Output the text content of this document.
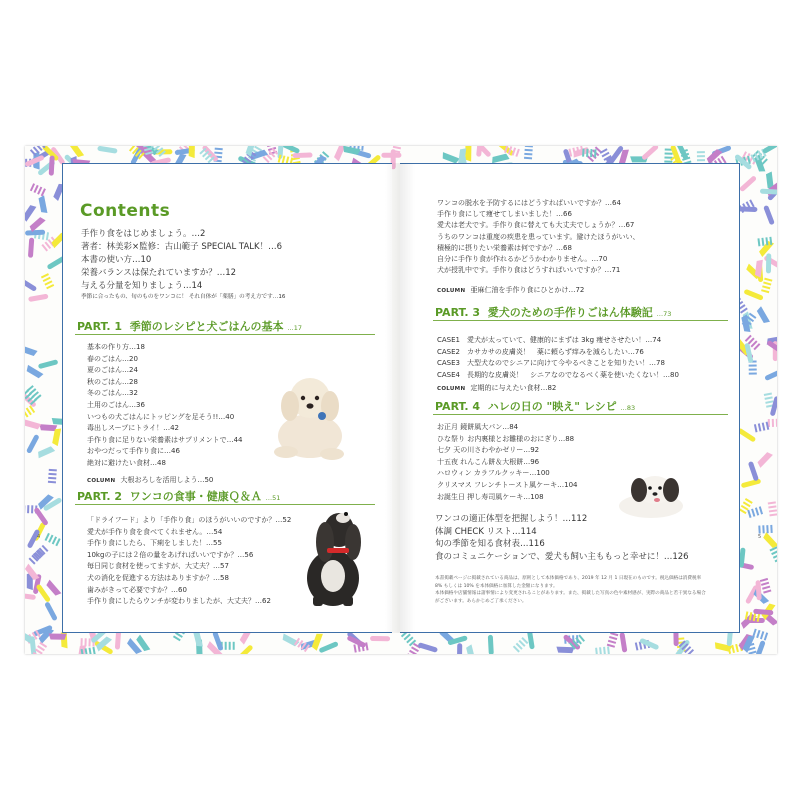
Contents
手作り食をはじめましょう。…2
著者：林美彩×監修：古山範子 SPECIAL TALK！…6
本書の使い方…10
栄養バランスは保たれていますか？…12
与える分量を知りましょう…14
季節に合ったもの、旬のものをワンコに！ それ自体が「薬膳」の考え方です…16
PART. 1 季節のレシピと犬ごはんの基本 …17
基本の作り方…18
春のごはん…20
夏のごはん…24
秋のごはん…28
冬のごはん…32
土用のごはん…36
いつもの犬ごはんにトッピングを足そう!!…40
毒出しスープにトライ！…42
手作り食に足りない栄養素はサプリメントで…44
おやつだって手作り食に…46
絶対に避けたい食材…48
COLUMN 大根おろしを活用しよう…50
PART. 2 ワンコの食事・健康Ｑ＆Ａ …51
「ドライフード」より「手作り食」のほうがいいのですか？…52
愛犬が手作り食を食べてくれません。…54
手作り食にしたら、下痢をしました！…55
10kgの子には２倍の量をあげればいいですか？…56
毎日同じ食材を使ってますが、大丈夫？…57
犬の消化を促進する方法はありますか？…58
歯みがきって必要ですか？…60
手作り食にしたらウンチが変わりましたが、大丈夫？…62
ワンコの脱水を予防するにはどうすればいいですか？…64
手作り食にして痩せてしまいました！…66
愛犬は老犬です。手作り食に替えても大丈夫でしょうか？…67
うちのワンコは重度の疾患を患っています。避けたほうがいい、
積極的に摂りたい栄養素は何ですか？…68
自分に手作り食が作れるかどうかわかりません。…70
犬が授乳中です。手作り食はどうすればいいですか？…71
COLUMN 亜麻仁油を手作り食にひとかけ…72
PART. 3 愛犬のための手作りごはん体験記 …73
CASE1 愛犬が太っていて、健康的にまずは 3kg 痩せさせたい！…74
CASE2 カサカサの皮膚炎！　薬に頼らず痒みを減らしたい…76
CASE3 大型犬なのでシニアに向けて今やるべきことを知りたい！…78
CASE4 長期的な皮膚炎！　シニアなのでなるべく薬を使いたくない！…80
COLUMN 定期的に与えたい食材…82
PART. 4 ハレの日の "映え" レシピ …83
お正月 鏡餅風大パン…84
ひな祭り お内裏様とお雛様のおにぎり…88
七夕 天の川さわやかゼリー…92
十五夜 れんこん餅＆大根餅…96
ハロウィン カラフルクッキー…100
クリスマス フレンチトースト風ケーキ…104
お誕生日 押し寿司風ケーキ…108
ワンコの適正体型を把握しよう！…112
体調 CHECK リスト…114
旬の季節を知る食材表…116
食のコミュニケーションで、愛犬も飼い主ももっと幸せに！…126
本書掲載ページに掲載されている商品は、原則として本体価格であり、2019 年 12 月 1 日現在のものです。税込価格は消費税率
8% もしくは 10% を本体価格に加算した金額になります。
本体価格や店舗情報は諸事情により変更されることがあります。また、掲載した写真の色や素材感が、実際の商品と若干異なる場合
がございます。あらかじめご了承ください。
4	5
